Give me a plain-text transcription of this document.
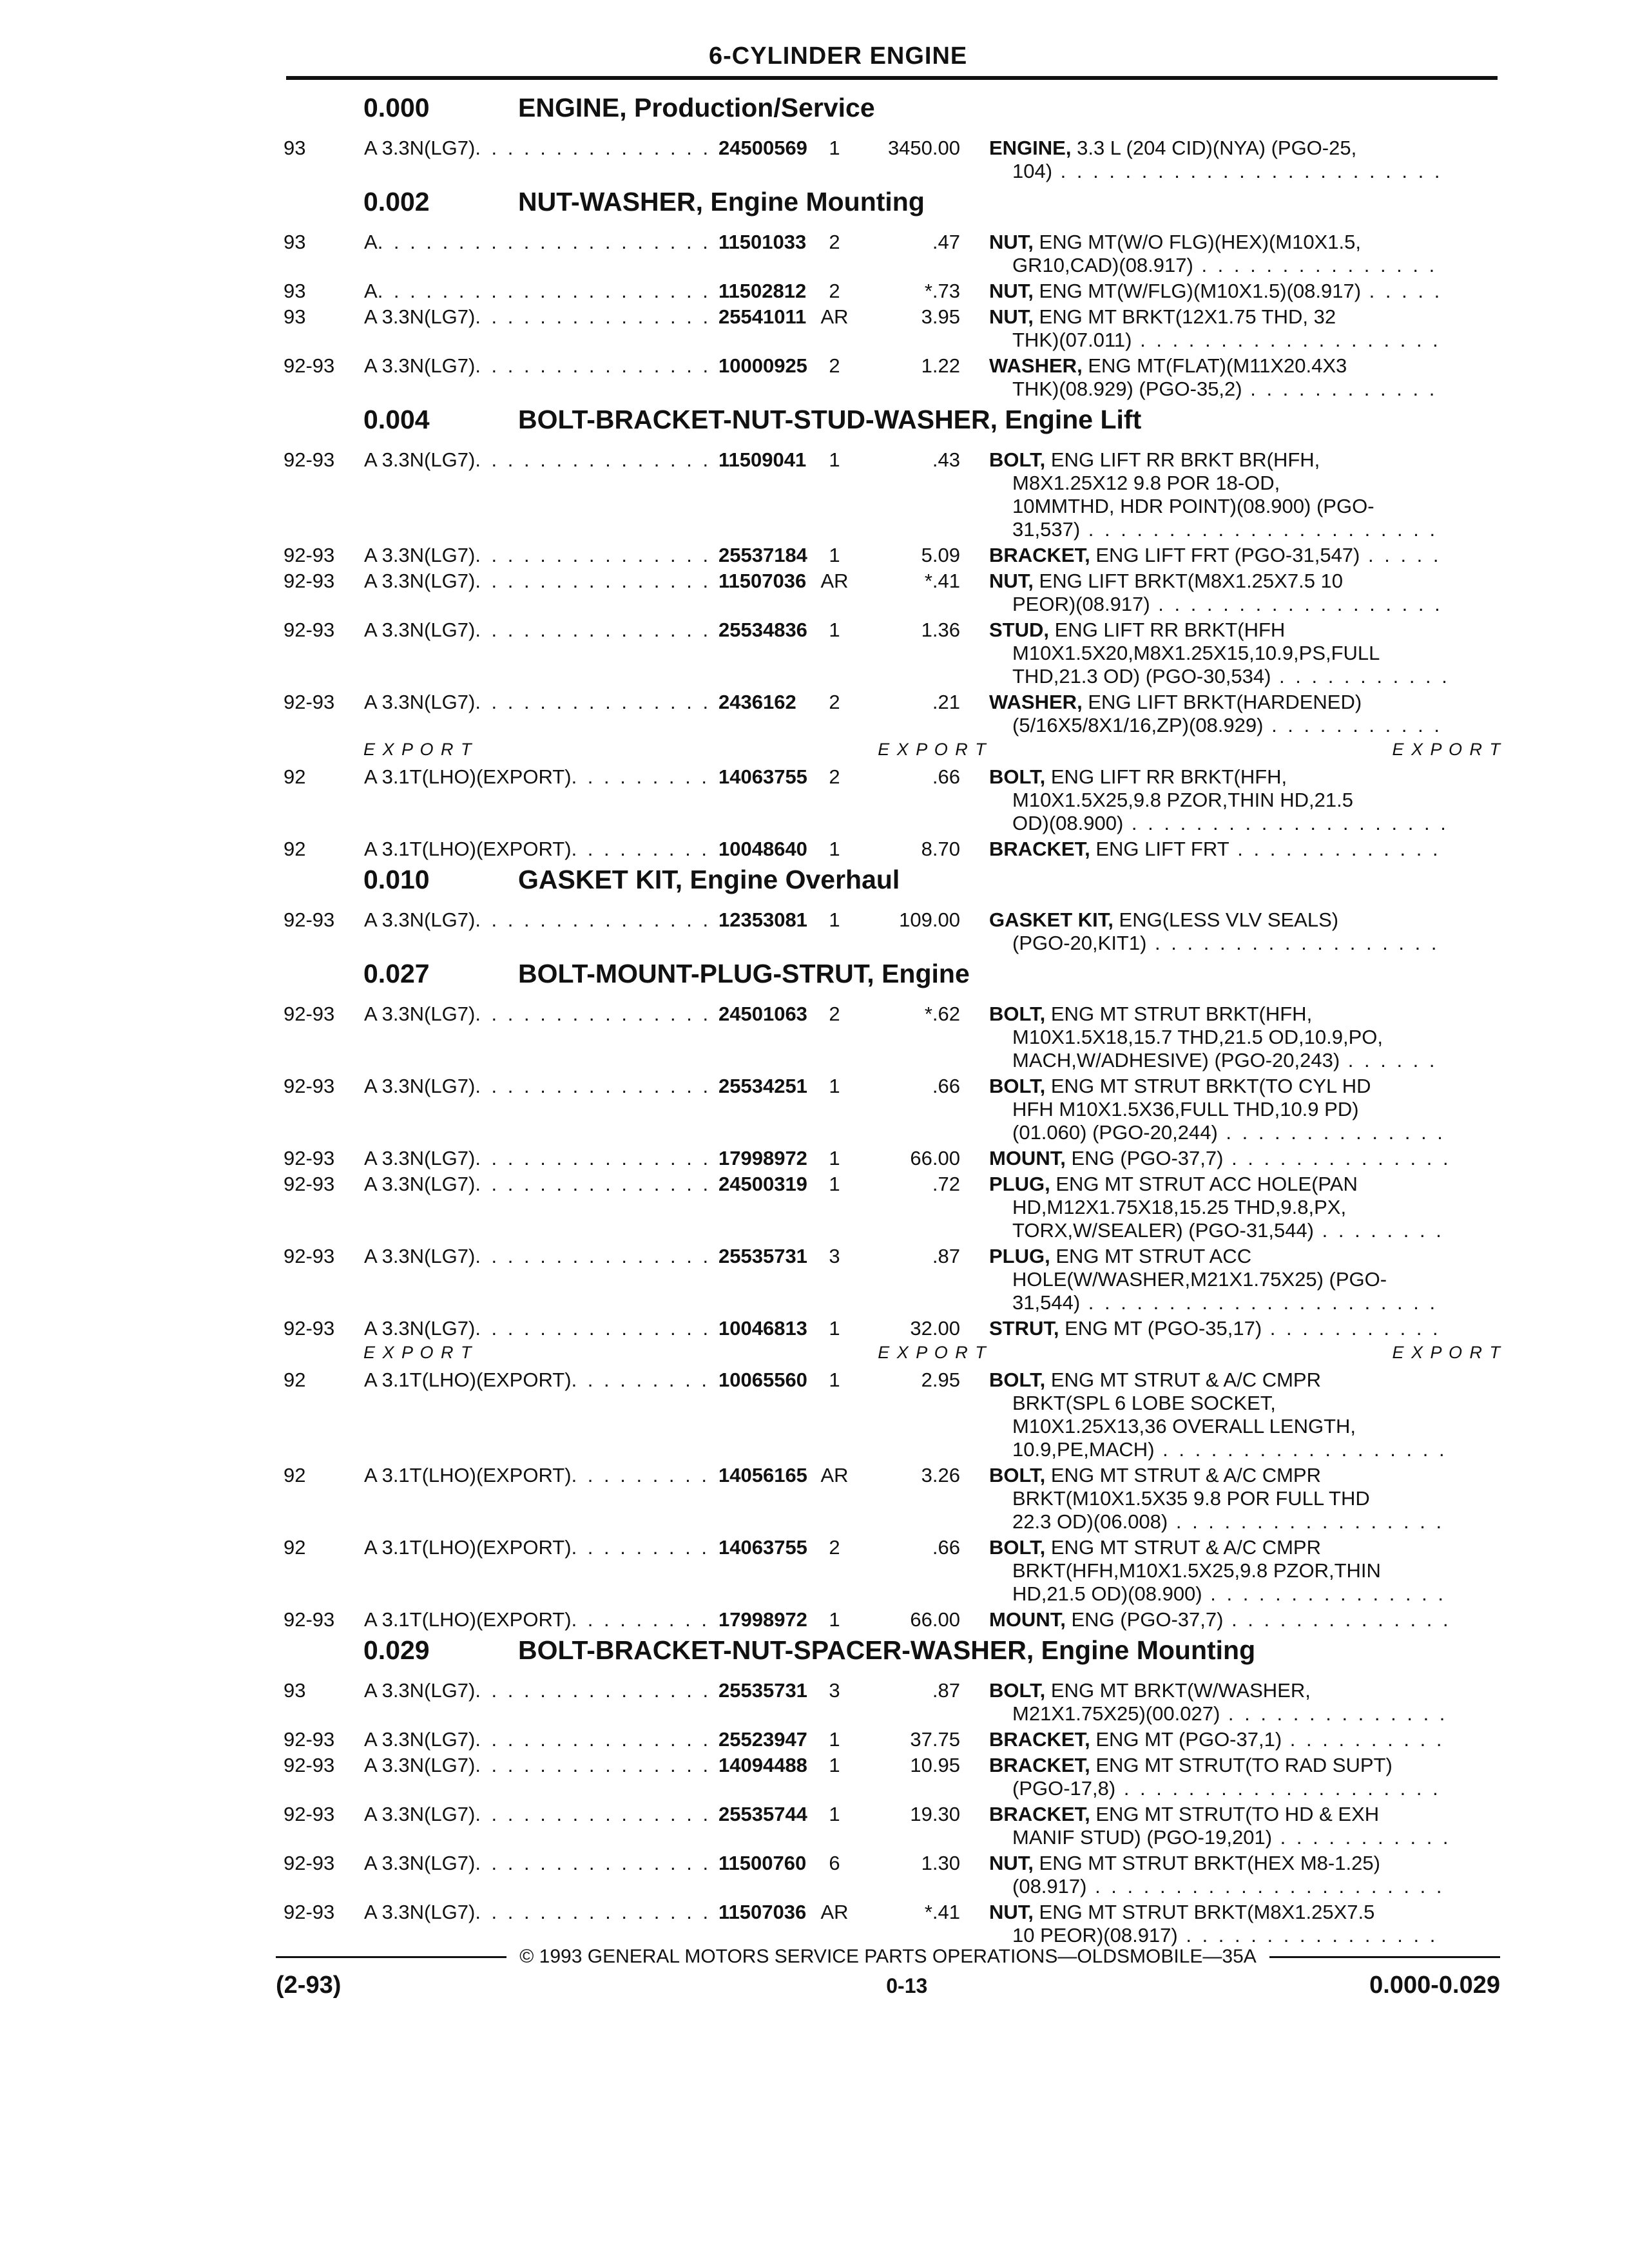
6-CYLINDER ENGINE
0.000	ENGINE, Production/Service
93	A 3.3N(LG7) . . .	24500569	1	3450.00	ENGINE, 3.3 L (204 CID)(NYA) (PGO-25,
104) . . .
0.002	NUT-WASHER, Engine Mounting
93	A . . .	11501033	2	.47	NUT, ENG MT(W/O FLG)(HEX)(M10X1.5,
GR10,CAD)(08.917) . . .
93	A . . .	11502812	2	*.73	NUT, ENG MT(W/FLG)(M10X1.5)(08.917) . . .
93	A 3.3N(LG7) . . .	25541011 AR	3.95	NUT, ENG MT BRKT(12X1.75 THD, 32
THK)(07.011) . . .
92-93	A 3.3N(LG7) . . .	10000925	2	1.22	WASHER, ENG MT(FLAT)(M11X20.4X3
THK)(08.929) (PGO-35,2) . . .
0.004	BOLT-BRACKET-NUT-STUD-WASHER, Engine Lift
92-93	A 3.3N(LG7) . . .	11509041	1	.43	BOLT, ENG LIFT RR BRKT BR(HFH,
M8X1.25X12 9.8 POR 18-OD,
10MMTHD, HDR POINT)(08.900) (PGO-
31,537) . . .
92-93	A 3.3N(LG7) . . .	25537184	1	5.09	BRACKET, ENG LIFT FRT (PGO-31,547) . . .
92-93	A 3.3N(LG7) . . .	11507036 AR	*.41	NUT, ENG LIFT BRKT(M8X1.25X7.5 10
PEOR)(08.917) . . .
92-93	A 3.3N(LG7) . . .	25534836	1	1.36	STUD, ENG LIFT RR BRKT(HFH
M10X1.5X20,M8X1.25X15,10.9,PS,FULL
THD,21.3 OD) (PGO-30,534) . . .
92-93	A 3.3N(LG7) . . .	2436162	2	.21	WASHER, ENG LIFT BRKT(HARDENED)
(5/16X5/8X1/16,ZP)(08.929) . . .
E X P O R T	E X P O R T	E X P O R T
92	A 3.1T(LHO)(EXPORT) . . .	14063755	2	.66	BOLT, ENG LIFT RR BRKT(HFH,
M10X1.5X25,9.8 PZOR,THIN HD,21.5
OD)(08.900) . . .
92	A 3.1T(LHO)(EXPORT) . . .	10048640	1	8.70	BRACKET, ENG LIFT FRT . . .
0.010	GASKET KIT, Engine Overhaul
92-93	A 3.3N(LG7) . . .	12353081	1	109.00	GASKET KIT, ENG(LESS VLV SEALS)
(PGO-20,KIT1) . . .
0.027	BOLT-MOUNT-PLUG-STRUT, Engine
92-93	A 3.3N(LG7) . . .	24501063	2	*.62	BOLT, ENG MT STRUT BRKT(HFH,
M10X1.5X18,15.7 THD,21.5 OD,10.9,PO,
MACH,W/ADHESIVE) (PGO-20,243) . . .
92-93	A 3.3N(LG7) . . .	25534251	1	.66	BOLT, ENG MT STRUT BRKT(TO CYL HD
HFH M10X1.5X36,FULL THD,10.9 PD)
(01.060) (PGO-20,244) . . .
92-93	A 3.3N(LG7) . . .	17998972	1	66.00	MOUNT, ENG (PGO-37,7) . . .
92-93	A 3.3N(LG7) . . .	24500319	1	.72	PLUG, ENG MT STRUT ACC HOLE(PAN
HD,M12X1.75X18,15.25 THD,9.8,PX,
TORX,W/SEALER) (PGO-31,544) . . .
92-93	A 3.3N(LG7) . . .	25535731	3	.87	PLUG, ENG MT STRUT ACC
HOLE(W/WASHER,M21X1.75X25) (PGO-
31,544) . . .
92-93	A 3.3N(LG7) . . .	10046813	1	32.00	STRUT, ENG MT (PGO-35,17) . . .
E X P O R T	E X P O R T	E X P O R T
92	A 3.1T(LHO)(EXPORT) . . .	10065560	1	2.95	BOLT, ENG MT STRUT & A/C CMPR
BRKT(SPL 6 LOBE SOCKET,
M10X1.25X13,36 OVERALL LENGTH,
10.9,PE,MACH) . . .
92	A 3.1T(LHO)(EXPORT) . . .	14056165 AR	3.26	BOLT, ENG MT STRUT & A/C CMPR
BRKT(M10X1.5X35 9.8 POR FULL THD
22.3 OD)(06.008) . . .
92	A 3.1T(LHO)(EXPORT) . . .	14063755	2	.66	BOLT, ENG MT STRUT & A/C CMPR
BRKT(HFH,M10X1.5X25,9.8 PZOR,THIN
HD,21.5 OD)(08.900) . . .
92-93	A 3.1T(LHO)(EXPORT) . . .	17998972	1	66.00	MOUNT, ENG (PGO-37,7) . . .
0.029	BOLT-BRACKET-NUT-SPACER-WASHER, Engine Mounting
93	A 3.3N(LG7) . . .	25535731	3	.87	BOLT, ENG MT BRKT(W/WASHER,
M21X1.75X25)(00.027) . . .
92-93	A 3.3N(LG7) . . .	25523947	1	37.75	BRACKET, ENG MT (PGO-37,1) . . .
92-93	A 3.3N(LG7) . . .	14094488	1	10.95	BRACKET, ENG MT STRUT(TO RAD SUPT)
(PGO-17,8) . . .
92-93	A 3.3N(LG7) . . .	25535744	1	19.30	BRACKET, ENG MT STRUT(TO HD & EXH
MANIF STUD) (PGO-19,201) . . .
92-93	A 3.3N(LG7) . . .	11500760	6	1.30	NUT, ENG MT STRUT BRKT(HEX M8-1.25)
(08.917) . . .
92-93	A 3.3N(LG7) . . .	11507036 AR	*.41	NUT, ENG MT STRUT BRKT(M8X1.25X7.5
10 PEOR)(08.917) . . .
© 1993 GENERAL MOTORS SERVICE PARTS OPERATIONS—OLDSMOBILE—35A
(2-93)	0-13	0.000-0.029
